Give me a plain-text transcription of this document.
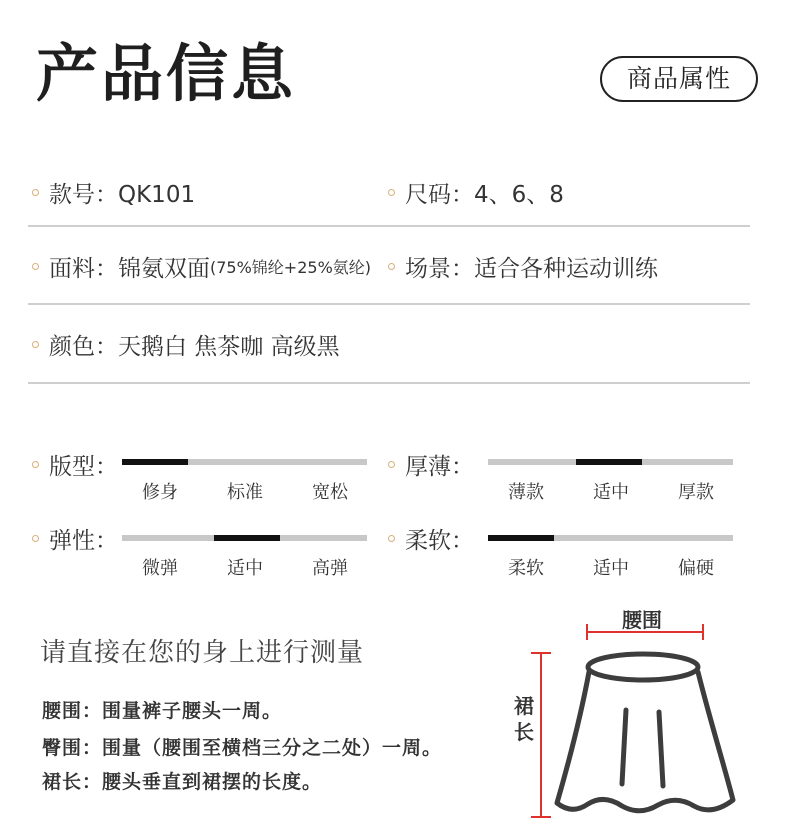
产品信息	商品属性
款号：QK101	尺码：4、6、8
面料：锦氨双面 (75%锦纶+25%氨纶) 场景：适合各种运动训练
颜色：天鹅白 焦茶咖 高级黑
版型：
修身	标准	宽松
厚薄：
薄款	适中	厚款
弹性：
微弹	适中	高弹
柔软：
柔软	适中	偏硬
请直接在您的身上进行测量
腰围：围量裤子腰头一周。
臀围：围量（腰围至横档三分之二处）一周。
裙长：腰头垂直到裙摆的长度。
腰围
裙
长
